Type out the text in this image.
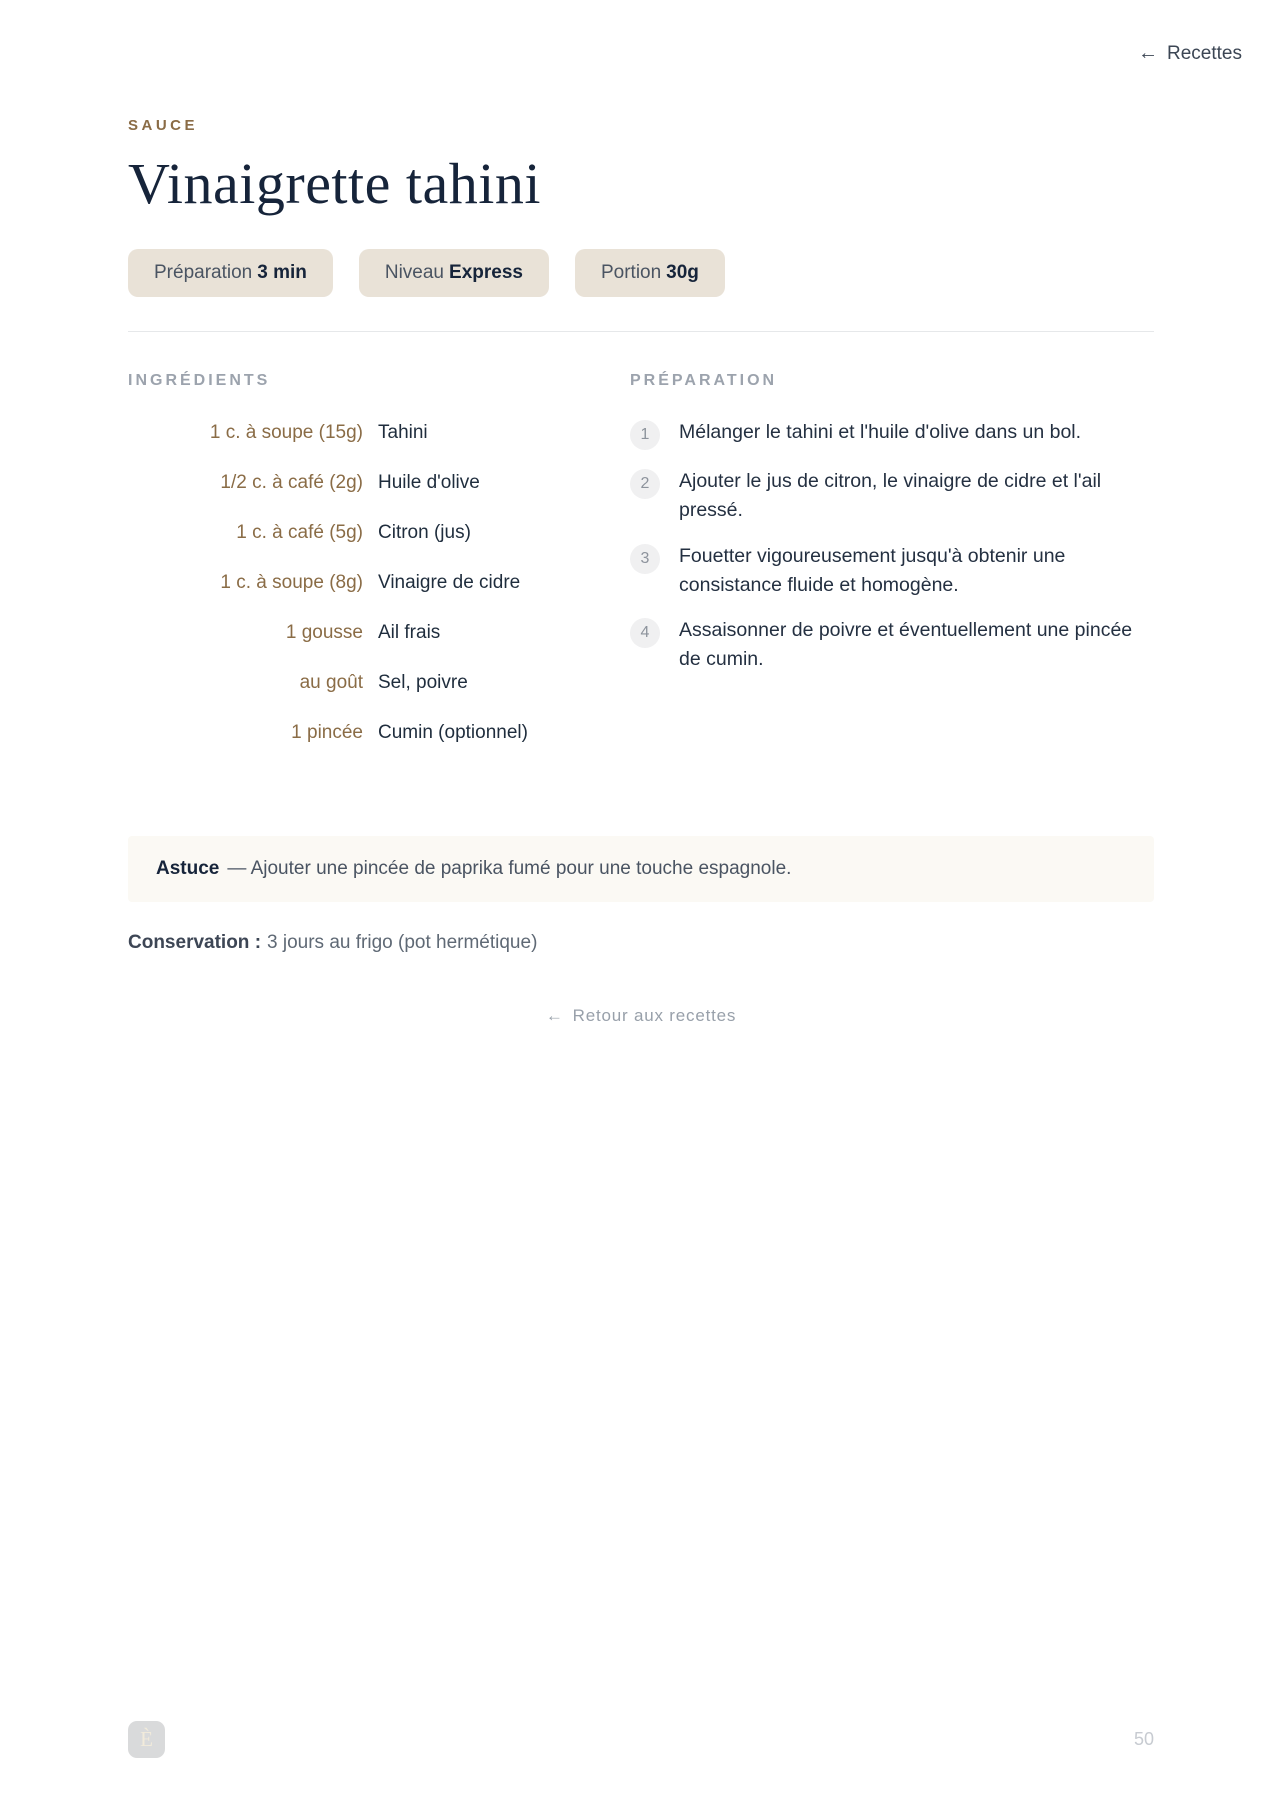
← Recettes
SAUCE
Vinaigrette tahini
Préparation 3 min	Niveau Express	Portion 30g
INGRÉDIENTS
1 c. à soupe (15g) Tahini
1/2 c. à café (2g) Huile d'olive
1 c. à café (5g) Citron (jus)
1 c. à soupe (8g) Vinaigre de cidre
1 gousse Ail frais
au goût Sel, poivre
1 pincée Cumin (optionnel)
PRÉPARATION
1	Mélanger le tahini et l'huile d'olive dans un bol.
2	Ajouter le jus de citron, le vinaigre de cidre et l'ail pressé.
3	Fouetter vigoureusement jusqu'à obtenir une consistance fluide et homogène.
4	Assaisonner de poivre et éventuellement une pincée de cumin.
Astuce — Ajouter une pincée de paprika fumé pour une touche espagnole.

Conservation : 3 jours au frigo (pot hermétique)

← Retour aux recettes
È	50
